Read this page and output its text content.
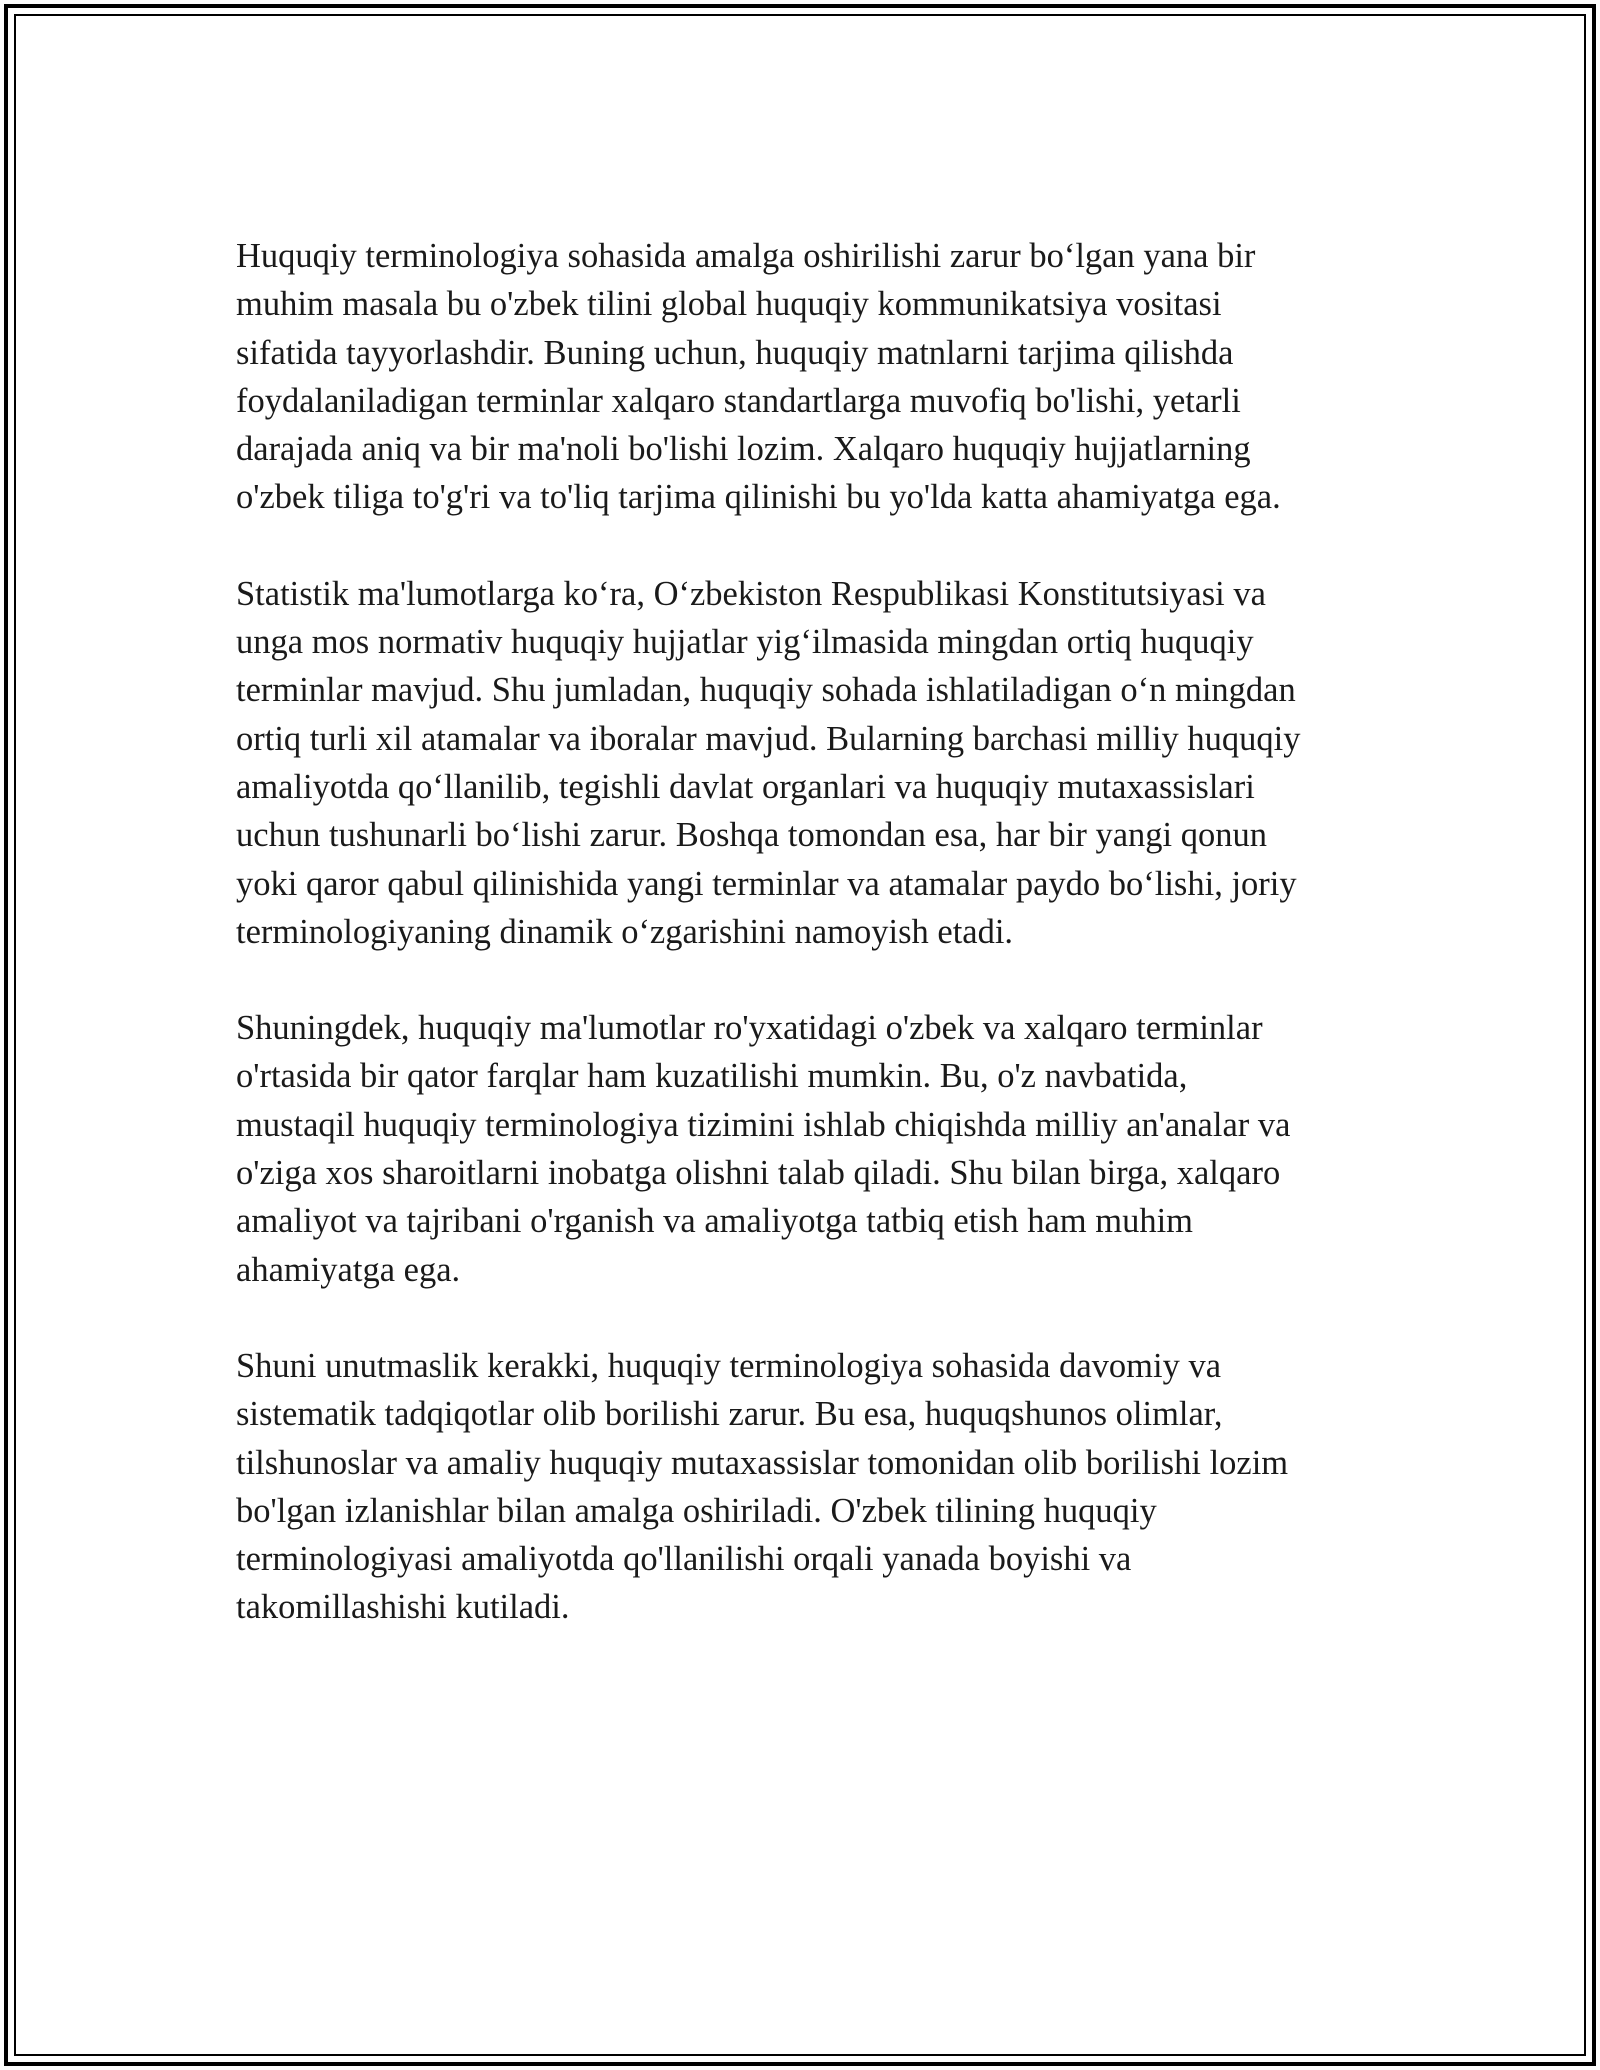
Huquqiy terminologiya sohasida amalga oshirilishi zarur bo‘lgan yana bir
muhim masala bu o'zbek tilini global huquqiy kommunikatsiya vositasi
sifatida tayyorlashdir. Buning uchun, huquqiy matnlarni tarjima qilishda
foydalaniladigan terminlar xalqaro standartlarga muvofiq bo'lishi, yetarli
darajada aniq va bir ma'noli bo'lishi lozim. Xalqaro huquqiy hujjatlarning
o'zbek tiliga to'g'ri va to'liq tarjima qilinishi bu yo'lda katta ahamiyatga ega.

Statistik ma'lumotlarga ko‘ra, O‘zbekiston Respublikasi Konstitutsiyasi va
unga mos normativ huquqiy hujjatlar yig‘ilmasida mingdan ortiq huquqiy
terminlar mavjud. Shu jumladan, huquqiy sohada ishlatiladigan o‘n mingdan
ortiq turli xil atamalar va iboralar mavjud. Bularning barchasi milliy huquqiy
amaliyotda qo‘llanilib, tegishli davlat organlari va huquqiy mutaxassislari
uchun tushunarli bo‘lishi zarur. Boshqa tomondan esa, har bir yangi qonun
yoki qaror qabul qilinishida yangi terminlar va atamalar paydo bo‘lishi, joriy
terminologiyaning dinamik o‘zgarishini namoyish etadi.

Shuningdek, huquqiy ma'lumotlar ro'yxatidagi o'zbek va xalqaro terminlar
o'rtasida bir qator farqlar ham kuzatilishi mumkin. Bu, o'z navbatida,
mustaqil huquqiy terminologiya tizimini ishlab chiqishda milliy an'analar va
o'ziga xos sharoitlarni inobatga olishni talab qiladi. Shu bilan birga, xalqaro
amaliyot va tajribani o'rganish va amaliyotga tatbiq etish ham muhim
ahamiyatga ega.

Shuni unutmaslik kerakki, huquqiy terminologiya sohasida davomiy va
sistematik tadqiqotlar olib borilishi zarur. Bu esa, huquqshunos olimlar,
tilshunoslar va amaliy huquqiy mutaxassislar tomonidan olib borilishi lozim
bo'lgan izlanishlar bilan amalga oshiriladi. O'zbek tilining huquqiy
terminologiyasi amaliyotda qo'llanilishi orqali yanada boyishi va
takomillashishi kutiladi.
